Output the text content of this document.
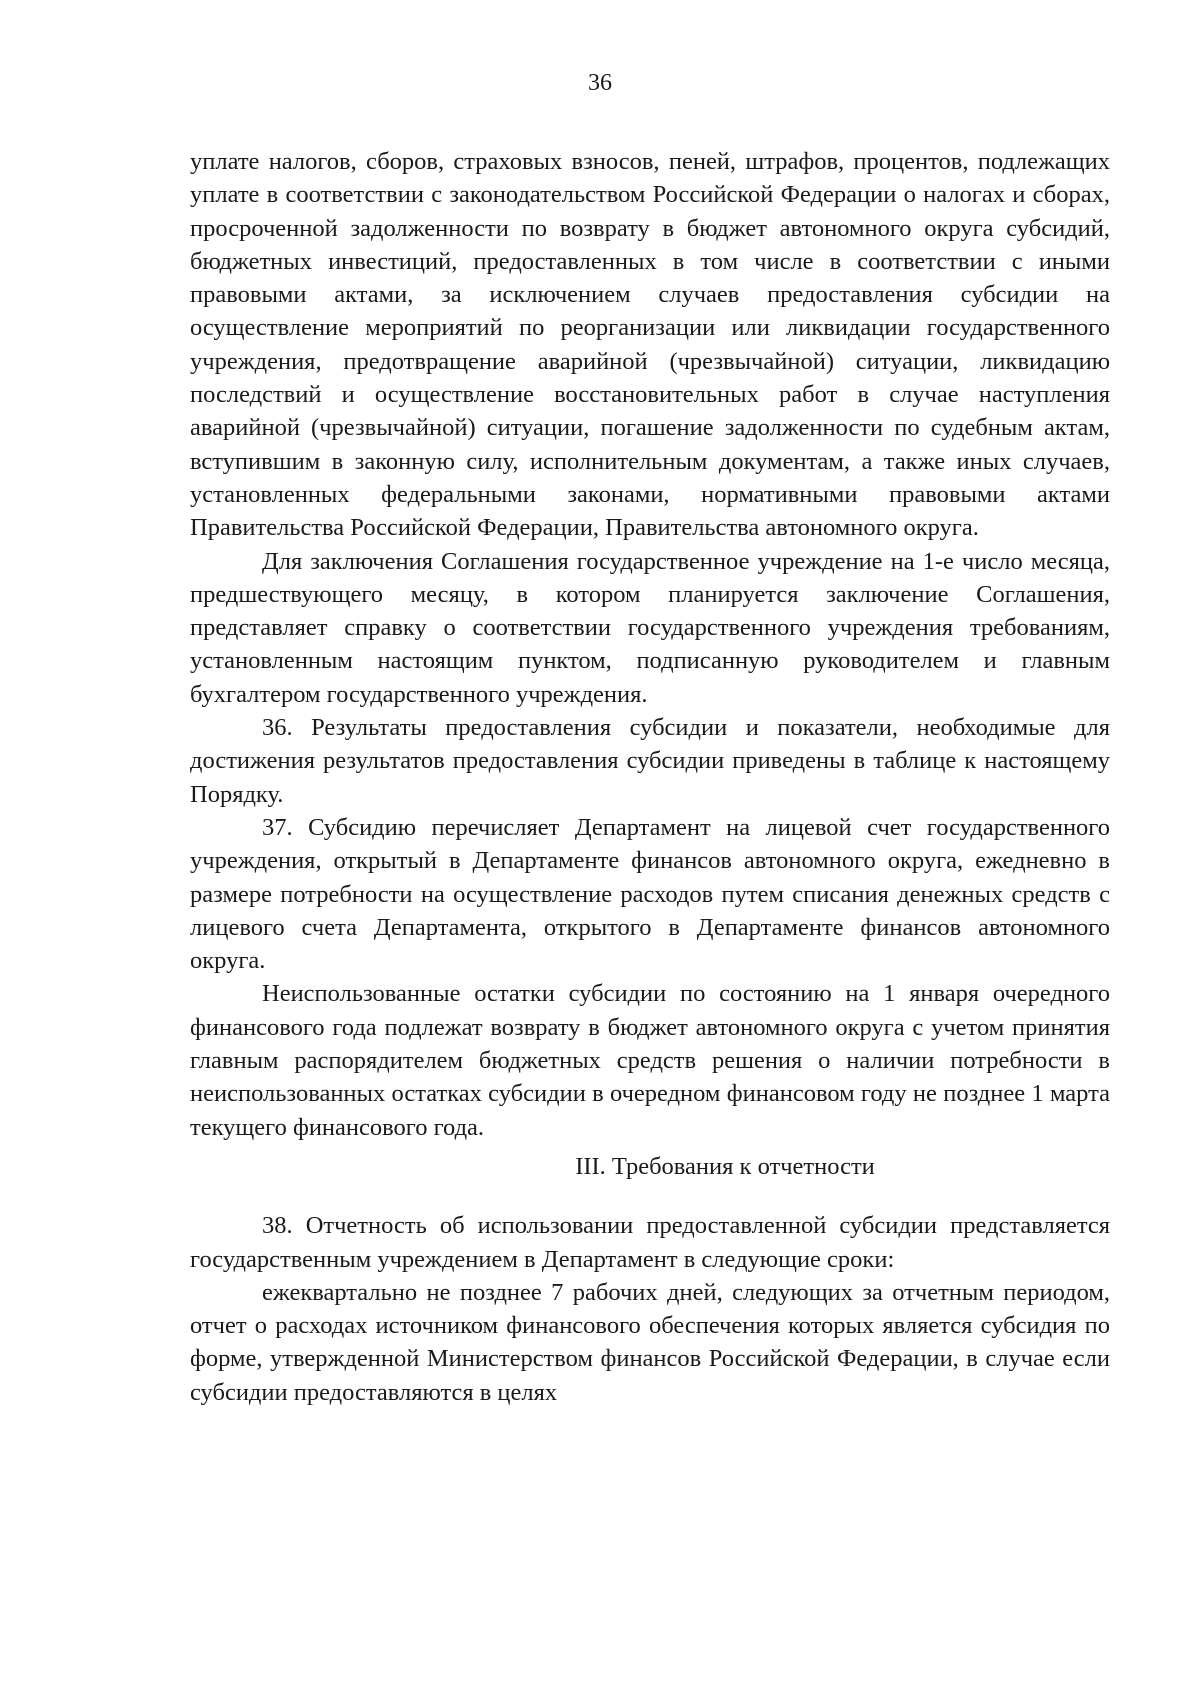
36

уплате налогов, сборов, страховых взносов, пеней, штрафов, процентов, подлежащих уплате в соответствии с законодательством Российской Федерации о налогах и сборах, просроченной задолженности по возврату в бюджет автономного округа субсидий, бюджетных инвестиций, предоставленных в том числе в соответствии с иными правовыми актами, за исключением случаев предоставления субсидии на осуществление мероприятий по реорганизации или ликвидации государственного учреждения, предотвращение аварийной (чрезвычайной) ситуации, ликвидацию последствий и осуществление восстановительных работ в случае наступления аварийной (чрезвычайной) ситуации, погашение задолженности по судебным актам, вступившим в законную силу, исполнительным документам, а также иных случаев, установленных федеральными законами, нормативными правовыми актами Правительства Российской Федерации, Правительства автономного округа.

Для заключения Соглашения государственное учреждение на 1-е число месяца, предшествующего месяцу, в котором планируется заключение Соглашения, представляет справку о соответствии государственного учреждения требованиям, установленным настоящим пунктом, подписанную руководителем и главным бухгалтером государственного учреждения.

36. Результаты предоставления субсидии и показатели, необходимые для достижения результатов предоставления субсидии приведены в таблице к настоящему Порядку.

37. Субсидию перечисляет Департамент на лицевой счет государственного учреждения, открытый в Департаменте финансов автономного округа, ежедневно в размере потребности на осуществление расходов путем списания денежных средств с лицевого счета Департамента, открытого в Департаменте финансов автономного округа.

Неиспользованные остатки субсидии по состоянию на 1 января очередного финансового года подлежат возврату в бюджет автономного округа с учетом принятия главным распорядителем бюджетных средств решения о наличии потребности в неиспользованных остатках субсидии в очередном финансовом году не позднее 1 марта текущего финансового года.

III. Требования к отчетности

38. Отчетность об использовании предоставленной субсидии представляется государственным учреждением в Департамент в следующие сроки:

ежеквартально не позднее 7 рабочих дней, следующих за отчетным периодом, отчет о расходах источником финансового обеспечения которых является субсидия по форме, утвержденной Министерством финансов Российской Федерации, в случае если субсидии предоставляются в целях
